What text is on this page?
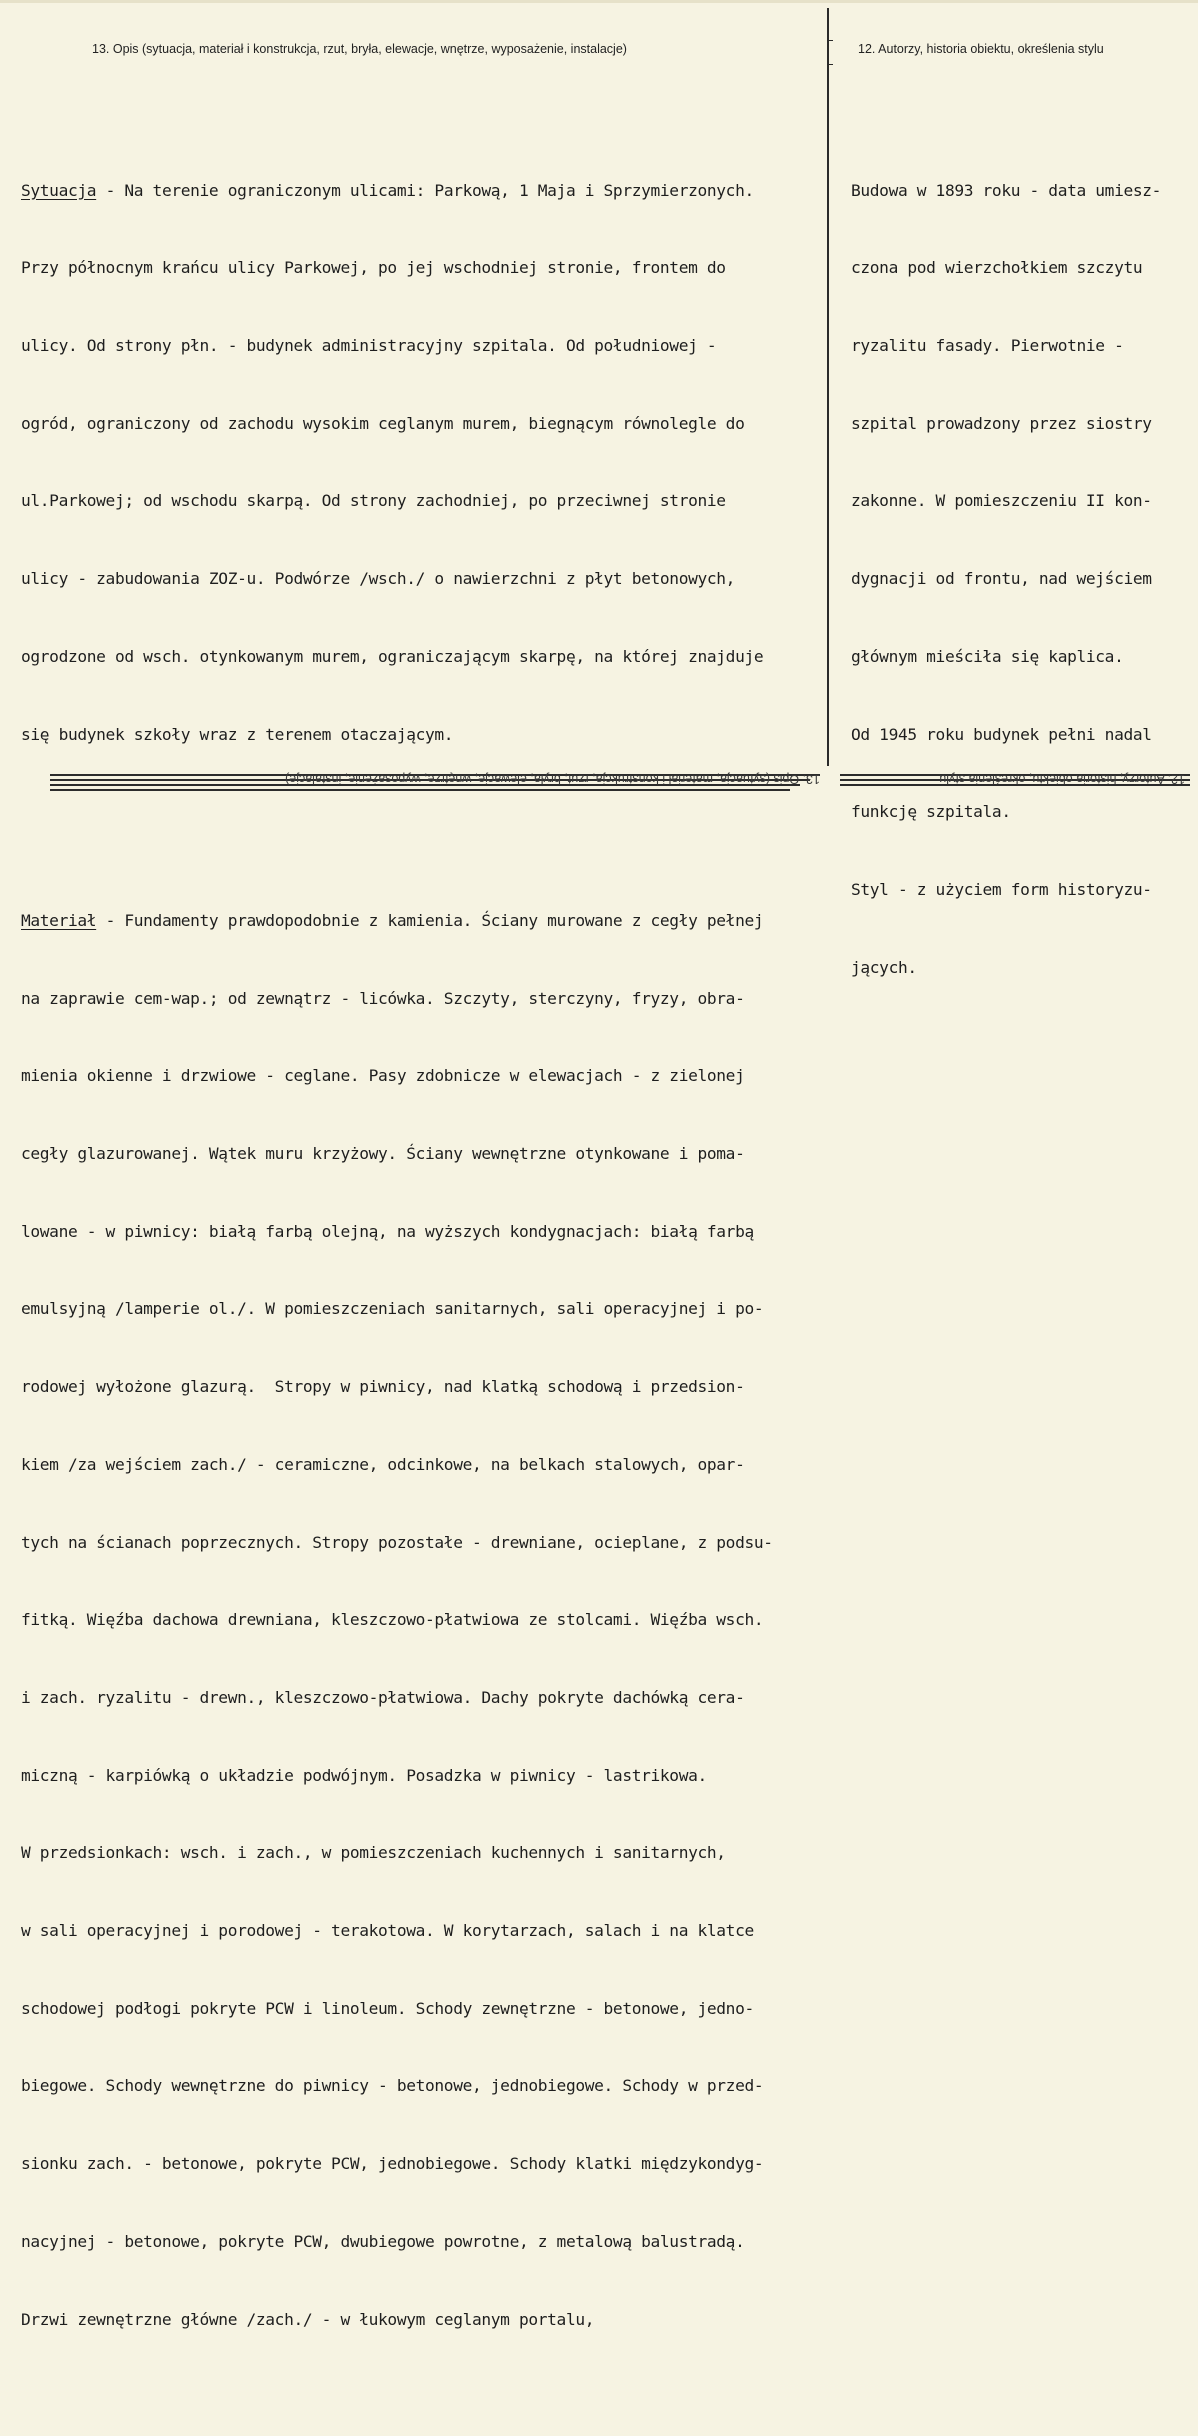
13. Opis (sytuacja, materiał i konstrukcja, rzut, bryła, elewacje, wnętrze, wyposażenie, instalacje)	12. Autorzy, historia obiektu, określenia stylu

Sytuacja - Na terenie ograniczonym ulicami: Parkową, 1 Maja i Sprzymierzonych.

Przy północnym krańcu ulicy Parkowej, po jej wschodniej stronie, frontem do

ulicy. Od strony płn. - budynek administracyjny szpitala. Od południowej -

ogród, ograniczony od zachodu wysokim ceglanym murem, biegnącym równolegle do

ul.Parkowej; od wschodu skarpą. Od strony zachodniej, po przeciwnej stronie

ulicy - zabudowania ZOZ-u. Podwórze /wsch./ o nawierzchni z płyt betonowych,

ogrodzone od wsch. otynkowanym murem, ograniczającym skarpę, na której znajduje

się budynek szkoły wraz z terenem otaczającym.

Materiał - Fundamenty prawdopodobnie z kamienia. Ściany murowane z cegły pełnej

na zaprawie cem-wap.; od zewnątrz - licówka. Szczyty, sterczyny, fryzy, obra-

mienia okienne i drzwiowe - ceglane. Pasy zdobnicze w elewacjach - z zielonej

cegły glazurowanej. Wątek muru krzyżowy. Ściany wewnętrzne otynkowane i poma-

lowane - w piwnicy: białą farbą olejną, na wyższych kondygnacjach: białą farbą

emulsyjną /lamperie ol./. W pomieszczeniach sanitarnych, sali operacyjnej i po-

rodowej wyłożone glazurą.  Stropy w piwnicy, nad klatką schodową i przedsion-

kiem /za wejściem zach./ - ceramiczne, odcinkowe, na belkach stalowych, opar-

tych na ścianach poprzecznych. Stropy pozostałe - drewniane, ocieplane, z podsu-

fitką. Więźba dachowa drewniana, kleszczowo-płatwiowa ze stolcami. Więźba wsch.

i zach. ryzalitu - drewn., kleszczowo-płatwiowa. Dachy pokryte dachówką cera-

miczną - karpiówką o układzie podwójnym. Posadzka w piwnicy - lastrikowa.

W przedsionkach: wsch. i zach., w pomieszczeniach kuchennych i sanitarnych,

w sali operacyjnej i porodowej - terakotowa. W korytarzach, salach i na klatce

schodowej podłogi pokryte PCW i linoleum. Schody zewnętrzne - betonowe, jedno-

biegowe. Schody wewnętrzne do piwnicy - betonowe, jednobiegowe. Schody w przed-

sionku zach. - betonowe, pokryte PCW, jednobiegowe. Schody klatki międzykondyg-

nacyjnej - betonowe, pokryte PCW, dwubiegowe powrotne, z metalową balustradą.

Drzwi zewnętrzne główne /zach./ - w łukowym ceglanym portalu,

Budowa w 1893 roku - data umiesz-

czona pod wierzchołkiem szczytu

ryzalitu fasady. Pierwotnie -

szpital prowadzony przez siostry

zakonne. W pomieszczeniu II kon-

dygnacji od frontu, nad wejściem

głównym mieściła się kaplica.

Od 1945 roku budynek pełni nadal

funkcję szpitala.

Styl - z użyciem form historyzu-

jących.

13. Opis (sytuacja, materiał i konstrukcja, rzut, bryła, elewacje, wnętrze, wyposażenie, instalacje)	12. Autorzy, historia obiektu, określenia stylu
